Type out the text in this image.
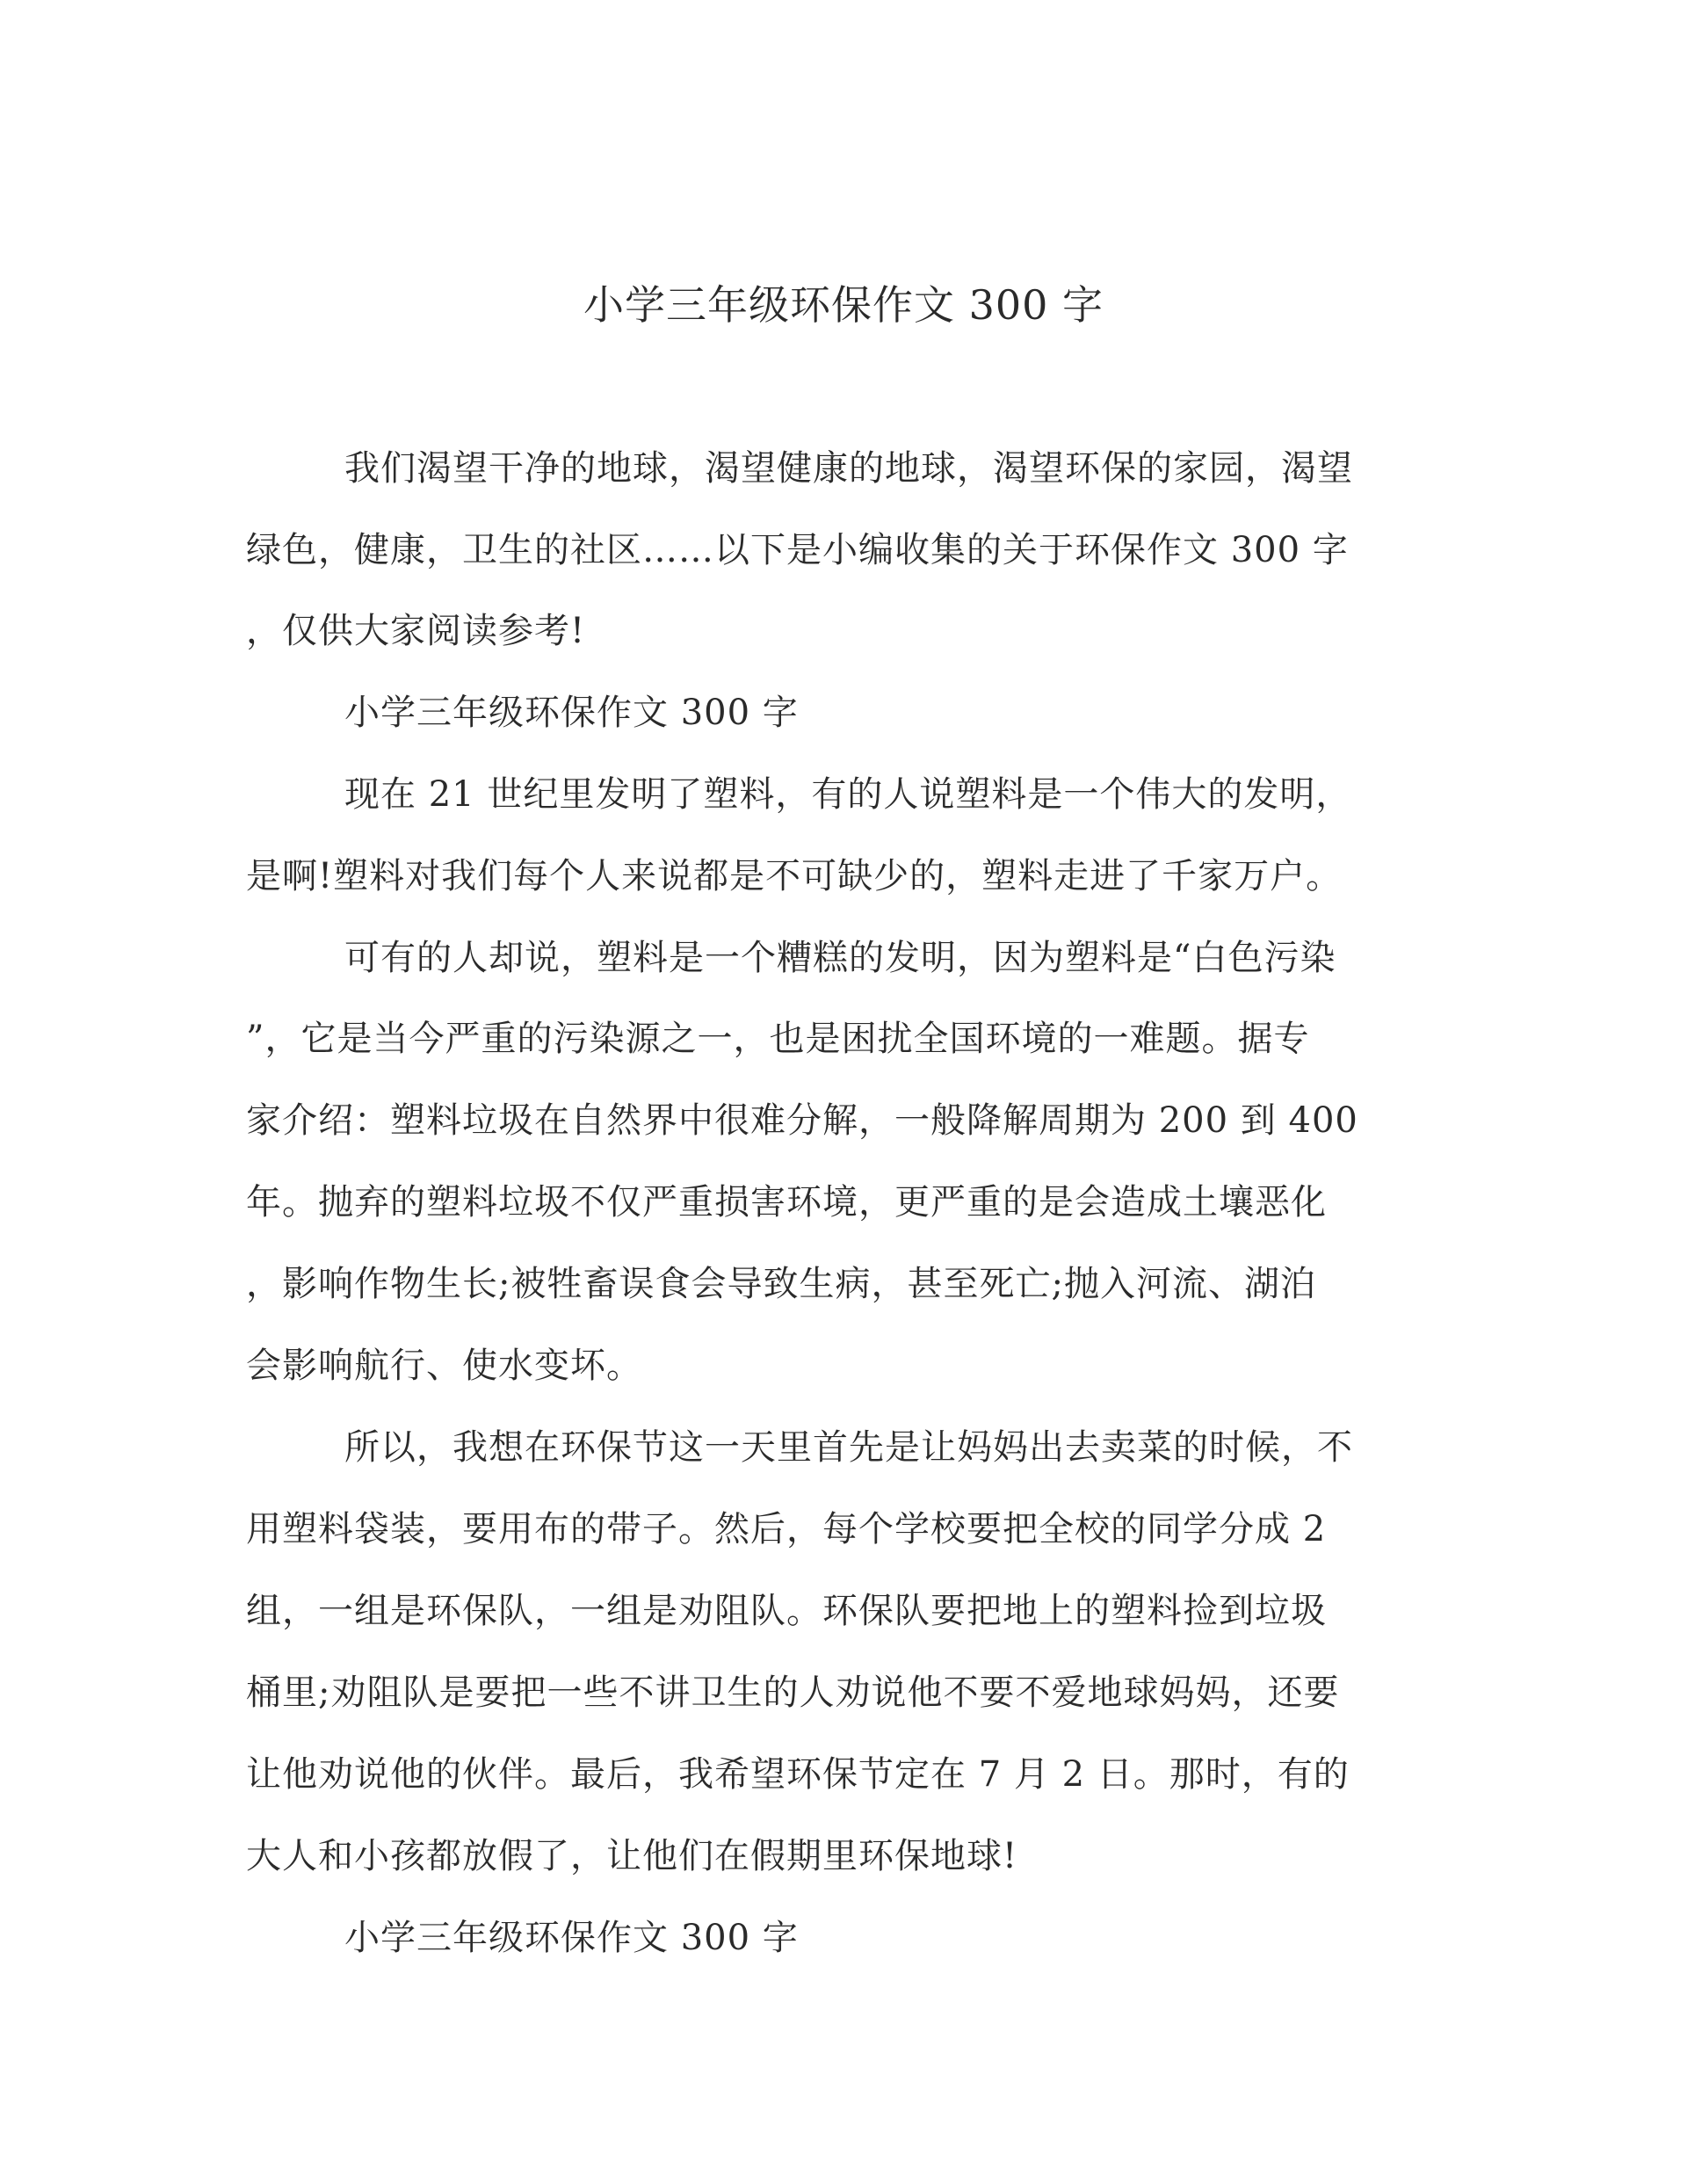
小学三年级环保作文 300 字
我们渴望干净的地球，渴望健康的地球，渴望环保的家园，渴望
绿色，健康，卫生的社区……以下是小编收集的关于环保作文 300 字
，仅供大家阅读参考!
小学三年级环保作文 300 字
现在 21 世纪里发明了塑料，有的人说塑料是一个伟大的发明，
是啊!塑料对我们每个人来说都是不可缺少的，塑料走进了千家万户。
可有的人却说，塑料是一个糟糕的发明，因为塑料是“白色污染
”，它是当今严重的污染源之一，也是困扰全国环境的一难题。据专
家介绍：塑料垃圾在自然界中很难分解，一般降解周期为 200 到 400
年。抛弃的塑料垃圾不仅严重损害环境，更严重的是会造成土壤恶化
，影响作物生长;被牲畜误食会导致生病，甚至死亡;抛入河流、湖泊
会影响航行、使水变坏。
所以，我想在环保节这一天里首先是让妈妈出去卖菜的时候，不
用塑料袋装，要用布的带子。然后，每个学校要把全校的同学分成 2
组，一组是环保队，一组是劝阻队。环保队要把地上的塑料捡到垃圾
桶里;劝阻队是要把一些不讲卫生的人劝说他不要不爱地球妈妈，还要
让他劝说他的伙伴。最后，我希望环保节定在 7 月 2 日。那时，有的
大人和小孩都放假了，让他们在假期里环保地球!
小学三年级环保作文 300 字
